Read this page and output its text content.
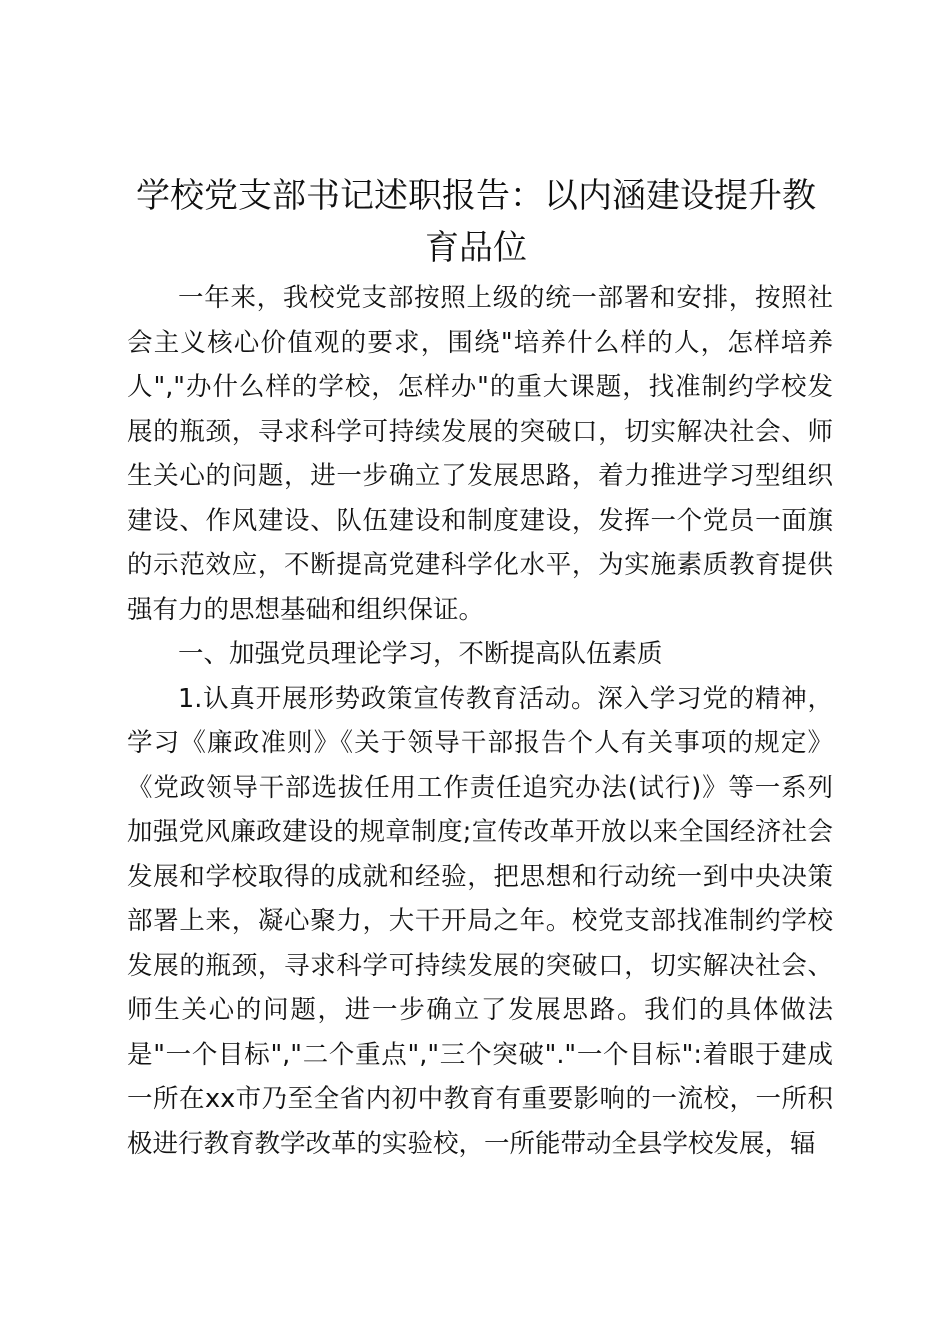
学校党支部书记述职报告：以内涵建设提升教育品位

一年来，我校党支部按照上级的统一部署和安排，按照社会主义核心价值观的要求，围绕"培养什么样的人，怎样培养人","办什么样的学校，怎样办"的重大课题，找准制约学校发展的瓶颈，寻求科学可持续发展的突破口，切实解决社会、师生关心的问题，进一步确立了发展思路，着力推进学习型组织建设、作风建设、队伍建设和制度建设，发挥一个党员一面旗的示范效应，不断提高党建科学化水平，为实施素质教育提供强有力的思想基础和组织保证。

一、加强党员理论学习，不断提高队伍素质

1.认真开展形势政策宣传教育活动。深入学习党的精神，学习《廉政准则》《关于领导干部报告个人有关事项的规定》《党政领导干部选拔任用工作责任追究办法(试行)》等一系列加强党风廉政建设的规章制度;宣传改革开放以来全国经济社会发展和学校取得的成就和经验，把思想和行动统一到中央决策部署上来，凝心聚力，大干开局之年。校党支部找准制约学校发展的瓶颈，寻求科学可持续发展的突破口，切实解决社会、师生关心的问题，进一步确立了发展思路。我们的具体做法是"一个目标","二个重点","三个突破"."一个目标":着眼于建成一所在xx市乃至全省内初中教育有重要影响的一流校，一所积极进行教育教学改革的实验校，一所能带动全县学校发展，辐
